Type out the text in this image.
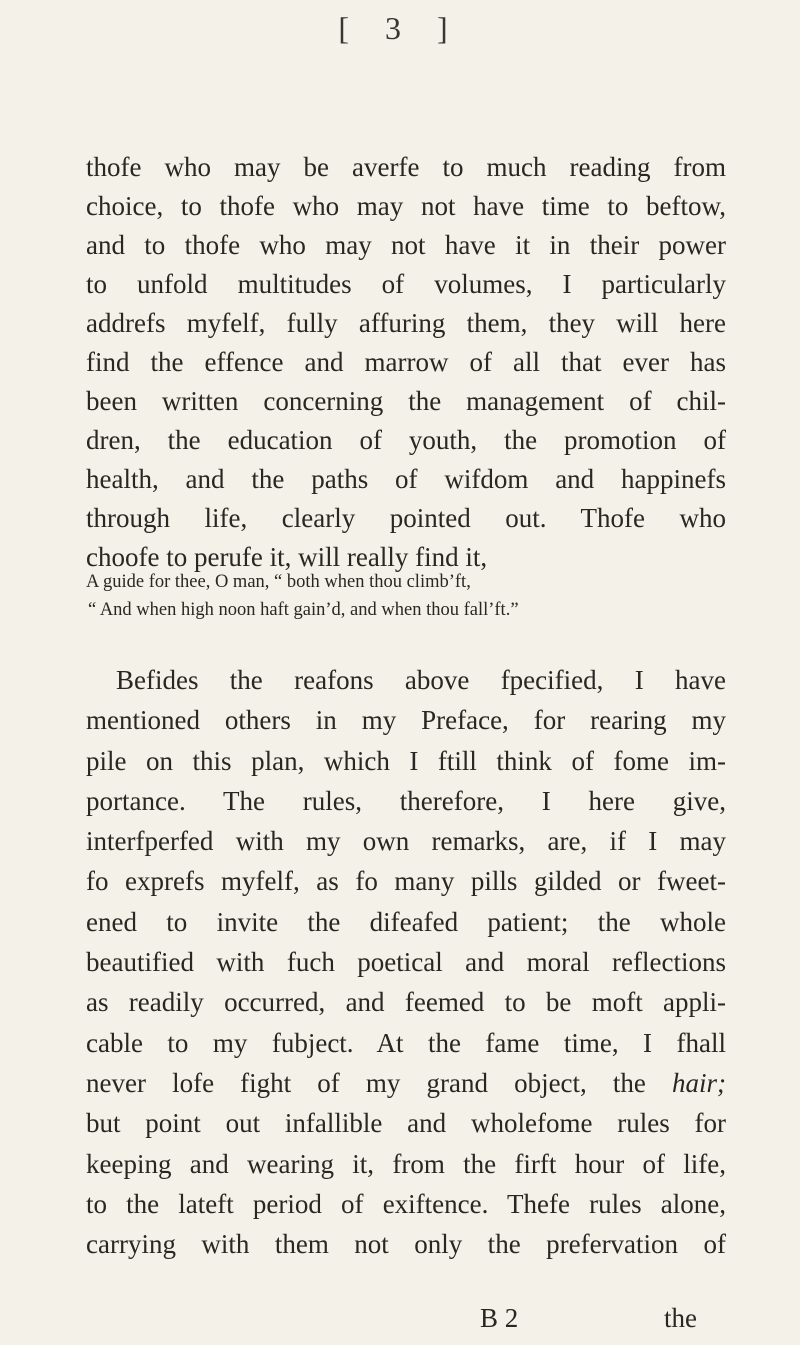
[ 3 ]
thofe who may be averfe to much reading from
choice, to thofe who may not have time to beftow,
and to thofe who may not have it in their power
to unfold multitudes of volumes, I particularly
addrefs myfelf, fully affuring them, they will here
find the effence and marrow of all that ever has
been written concerning the management of chil-
dren, the education of youth, the promotion of
health, and the paths of wifdom and happinefs
through life, clearly pointed out. Thofe who
choofe to perufe it, will really find it,
A guide for thee, O man, “ both when thou climb’ft,
“ And when high noon haft gain’d, and when thou fall’ft.”
Befides the reafons above fpecified, I have
mentioned others in my Preface, for rearing my
pile on this plan, which I ftill think of fome im-
portance. The rules, therefore, I here give,
interfperfed with my own remarks, are, if I may
fo exprefs myfelf, as fo many pills gilded or fweet-
ened to invite the difeafed patient; the whole
beautified with fuch poetical and moral reflections
as readily occurred, and feemed to be moft appli-
cable to my fubject. At the fame time, I fhall
never lofe fight of my grand object, the hair;
but point out infallible and wholefome rules for
keeping and wearing it, from the firft hour of life,
to the lateft period of exiftence. Thefe rules alone,
carrying with them not only the prefervation of
B 2	the
